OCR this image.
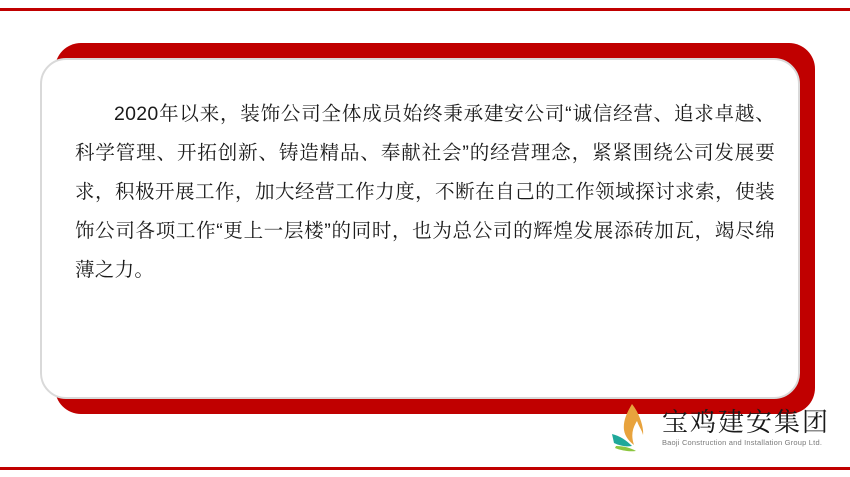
2020年以来，装饰公司全体成员始终秉承建安公司“诚信经营、追求卓越、科学管理、开拓创新、铸造精品、奉献社会”的经营理念，紧紧围绕公司发展要求，积极开展工作，加大经营工作力度，不断在自己的工作领域探讨求索，使装饰公司各项工作“更上一层楼”的同时，也为总公司的辉煌发展添砖加瓦，竭尽绵薄之力。
宝鸡建安集团
Baoji Construction and Installation Group Ltd.
